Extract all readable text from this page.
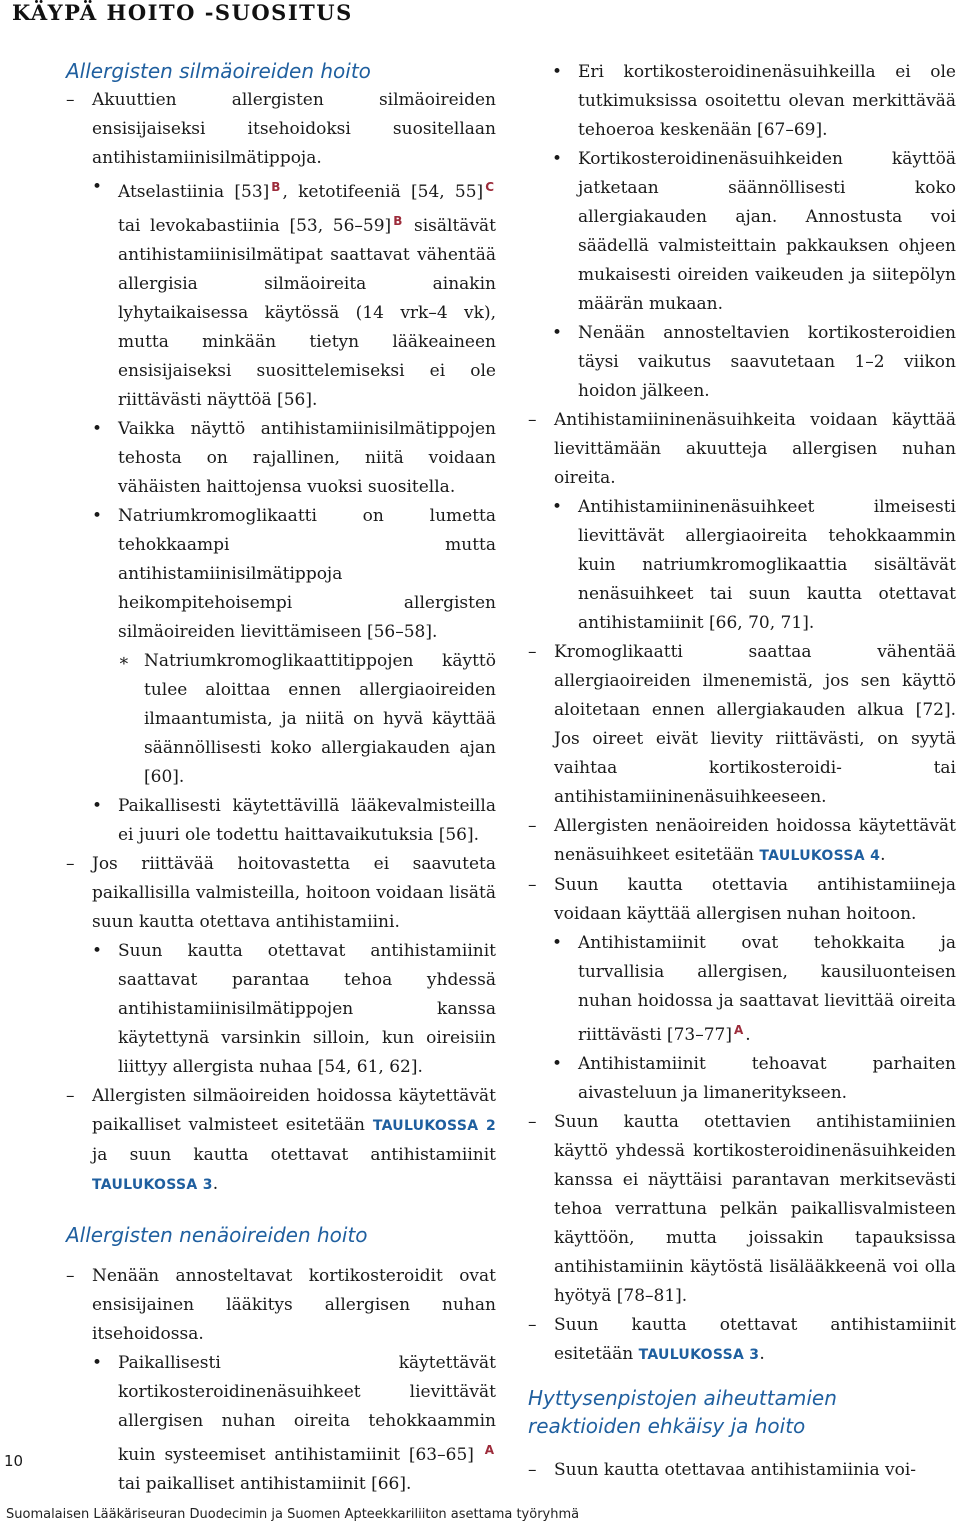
KÄYPÄ HOITO -SUOSITUS
Allergisten silmäoireiden hoito

– Akuuttien allergisten silmäoireiden ensisijaiseksi itsehoidoksi suositellaan antihistamiinisilmätippoja.

• Atselastiinia [53] $^B$ , ketotifeeniä [54, 55] $^C$ tai levokabastiinia [53, 56–59] $^B$ sisältävät antihistamiinisilmätipat saattavat vähentää allergisia silmäoireita ainakin lyhytaikaisessa käytössä (14 vrk–4 vk), mutta minkään tietyn lääkeaineen ensisijaiseksi suosittelemiseksi ei ole riittävästi näyttöä [56].

• Vaikka näyttö antihistamiinisilmätippojen tehosta on rajallinen, niitä voidaan vähäisten haittojensa vuoksi suositella.

• Natriumkromoglikaatti on lumetta tehokkaampi mutta antihistamiinisilmätippoja heikompitehoisempi allergisten silmäoireiden lievittämiseen [56–58].

∗ Natriumkromoglikaattitippojen käyttö tulee aloittaa ennen allergiaoireiden ilmaantumista, ja niitä on hyvä käyttää säännöllisesti koko allergiakauden ajan [60].

• Paikallisesti käytettävillä lääkevalmisteilla ei juuri ole todettu haittavaikutuksia [56].

– Jos riittävää hoitovastetta ei saavuteta paikallisilla valmisteilla, hoitoon voidaan lisätä suun kautta otettava antihistamiini.

• Suun kautta otettavat antihistamiinit saattavat parantaa tehoa yhdessä antihistamiinisilmätippojen kanssa käytettynä varsinkin silloin, kun oireisiin liittyy allergista nuhaa [54, 61, 62].

– Allergisten silmäoireiden hoidossa käytettävät paikalliset valmisteet esitetään TAULUKOSSA 2 ja suun kautta otettavat antihistamiinit TAULUKOSSA 3.

Allergisten nenäoireiden hoito

– Nenään annosteltavat kortikosteroidit ovat ensisijainen lääkitys allergisen nuhan itsehoidossa.

• Paikallisesti käytettävät kortikosteroidinenäsuihkeet lievittävät allergisen nuhan oireita tehokkaammin kuin systeemiset antihistamiinit [63–65] $^A$ tai paikalliset antihistamiinit [66].

• Eri kortikosteroidinenäsuihkeilla ei ole tutkimuksissa osoitettu olevan merkittävää tehoeroa keskenään [67–69].

• Kortikosteroidinenäsuihkeiden käyttöä jatketaan säännöllisesti koko allergiakauden ajan. Annostusta voi säädellä valmisteittain pakkauksen ohjeen mukaisesti oireiden vaikeuden ja siitepölyn määrän mukaan.

• Nenään annosteltavien kortikosteroidien täysi vaikutus saavutetaan 1–2 viikon hoidon jälkeen.

– Antihistamiininenäsuihkeita voidaan käyttää lievittämään akuutteja allergisen nuhan oireita.

• Antihistamiininenäsuihkeet ilmeisesti lievittävät allergiaoireita tehokkaammin kuin natriumkromoglikaattia sisältävät nenäsuihkeet tai suun kautta otettavat antihistamiinit [66, 70, 71].

– Kromoglikaatti saattaa vähentää allergiaoireiden ilmenemistä, jos sen käyttö aloitetaan ennen allergiakauden alkua [72]. Jos oireet eivät lievity riittävästi, on syytä vaihtaa kortikosteroidi- tai antihistamiininenäsuihkeeseen.

– Allergisten nenäoireiden hoidossa käytettävät nenäsuihkeet esitetään TAULUKOSSA 4.

– Suun kautta otettavia antihistamiineja voidaan käyttää allergisen nuhan hoitoon.

• Antihistamiinit ovat tehokkaita ja turvallisia allergisen, kausiluonteisen nuhan hoidossa ja saattavat lievittää oireita riittävästi [73–77] $^A$ .

• Antihistamiinit tehoavat parhaiten aivasteluun ja limaneritykseen.

– Suun kautta otettavien antihistamiinien käyttö yhdessä kortikosteroidinenäsuihkeiden kanssa ei näyttäisi parantavan merkitsevästi tehoa verrattuna pelkän paikallisvalmisteen käyttöön, mutta joissakin tapauksissa antihistamiinin käytöstä lisälääkkeenä voi olla hyötyä [78–81].

– Suun kautta otettavat antihistamiinit esitetään TAULUKOSSA 3.

Hyttysenpistojen aiheuttamien
reaktioiden ehkäisy ja hoito

– Suun kautta otettavaa antihistamiinia voi-

10
Suomalaisen Lääkäriseuran Duodecimin ja Suomen Apteekkariliiton asettama työryhmä
